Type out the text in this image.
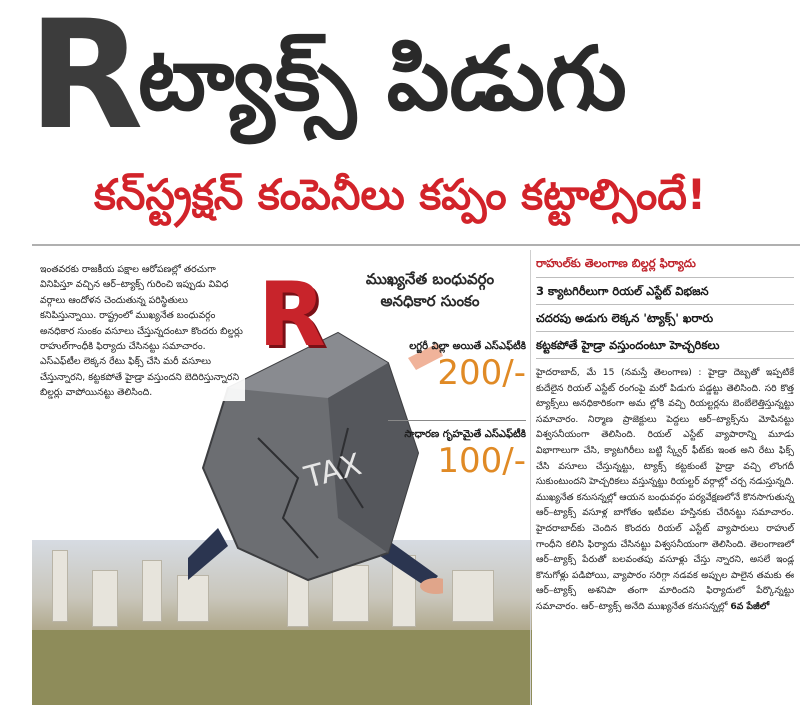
R
ట్యాక్స్ పిడుగు
కన్‌స్ట్రక్షన్ కంపెనీలు కప్పం కట్టాల్సిందే!
TAX
R
ఇంతవరకు రాజకీయ పక్షాల ఆరోపణల్లో తరచుగా వినిపిస్తూ వచ్చిన ఆర్‌–ట్యాక్స్ గురించి ఇప్పుడు వివిధ వర్గాలు ఆందోళన చెందుతున్న పరిస్థితులు కనిపిస్తున్నాయి. రాష్ట్రంలో ముఖ్యనేత బంధువర్గం అనధికార సుంకం వసూలు చేస్తున్నదంటూ కొందరు బిల్డర్లు రాహుల్‌గాంధీకి ఫిర్యాదు చేసినట్టు సమాచారం. ఎస్‌ఎఫ్‌టీల లెక్కన రేటు ఫిక్స్ చేసి మరీ వసూలు చేస్తున్నారని, కట్టకపోతే హైడ్రా వస్తుందని బెదిరిస్తున్నారని బిల్డర్లు వాపోయినట్టు తెలిసింది.
ముఖ్యనేత బంధువర్గం అనధికార సుంకం
లగ్జరీ విల్లా అయితే ఎస్‌ఎఫ్‌టీకి
200/-
సాధారణ గృహమైతే ఎస్‌ఎఫ్‌టీకి
100/-
రాహుల్‌కు తెలంగాణ బిల్డర్ల ఫిర్యాదు
3 క్యాటగిరీలుగా రియల్ ఎస్టేట్ విభజన
చదరపు అడుగు లెక్కన 'ట్యాక్స్' ఖరారు
కట్టకపోతే హైడ్రా వస్తుందంటూ హెచ్చరికలు
హైదరాబాద్, మే 15 (నమస్తే తెలంగాణ) : హైడ్రా దెబ్బతో ఇప్పటికే కుదేలైన రియల్ ఎస్టేట్ రంగంపై మరో పిడుగు పడ్డట్టు తెలిసింది. సరి కొత్త ట్యాక్స్‌లు అనధికారికంగా అమ ల్లోకి వచ్చి రియల్టర్లను బెంబేలెత్తిస్తున్నట్టు సమాచారం. నిర్మాణ ప్రాజెక్టులు పెద్దలు ఆర్–ట్యాక్స్‌ను మోపినట్టు విశ్వసనీయంగా తెలిసింది. రియల్ ఎస్టేట్ వ్యాపారాన్ని మూడు విభాగాలుగా చేసి, క్యాటగిరీలు బట్టి స్క్వేర్ ఫీట్‌కు ఇంత అని రేటు ఫిక్స్ చేసి వసూలు చేస్తున్నట్టు, ట్యాక్స్ కట్టకుంటే హైడ్రా వచ్చి లొంగదీ సుకుంటుందని హెచ్చరికలు వస్తున్నట్టు రియల్టర్ వర్గాల్లో చర్చ నడుస్తున్నది. ముఖ్యనేత కనుసన్నల్లో ఆయన బంధువర్గం పర్యవేక్షణలోనే కొనసాగుతున్న ఆర్–ట్యాక్స్ వసూళ్ల బాగోతం ఇటీవల హస్తినకు చేరినట్టు సమాచారం. హైదరాబాద్‌కు చెందిన కొందరు రియల్ ఎస్టేట్ వ్యాపారులు రాహుల్ గాంధీని కలిసి ఫిర్యాదు చేసినట్టు విశ్వసనీయంగా తెలిసింది. తెలంగాణలో ఆర్–ట్యాక్స్ పేరుతో బలవంతపు వసూళ్లు చేస్తు న్నారని, అసలే ఇండ్ల కొనుగోళ్లు పడిపోయి, వ్యాపారం సరిగ్గా నడవక అప్పుల పాలైన తమకు ఈ ఆర్–ట్యాక్స్ అశనిపా తంగా మారిందని ఫిర్యాదులో పేర్కొన్నట్టు సమాచారం. ఆర్‌–ట్యాక్స్ అనేది ముఖ్యనేత కనుసన్నల్లో 6వ పేజీలో
